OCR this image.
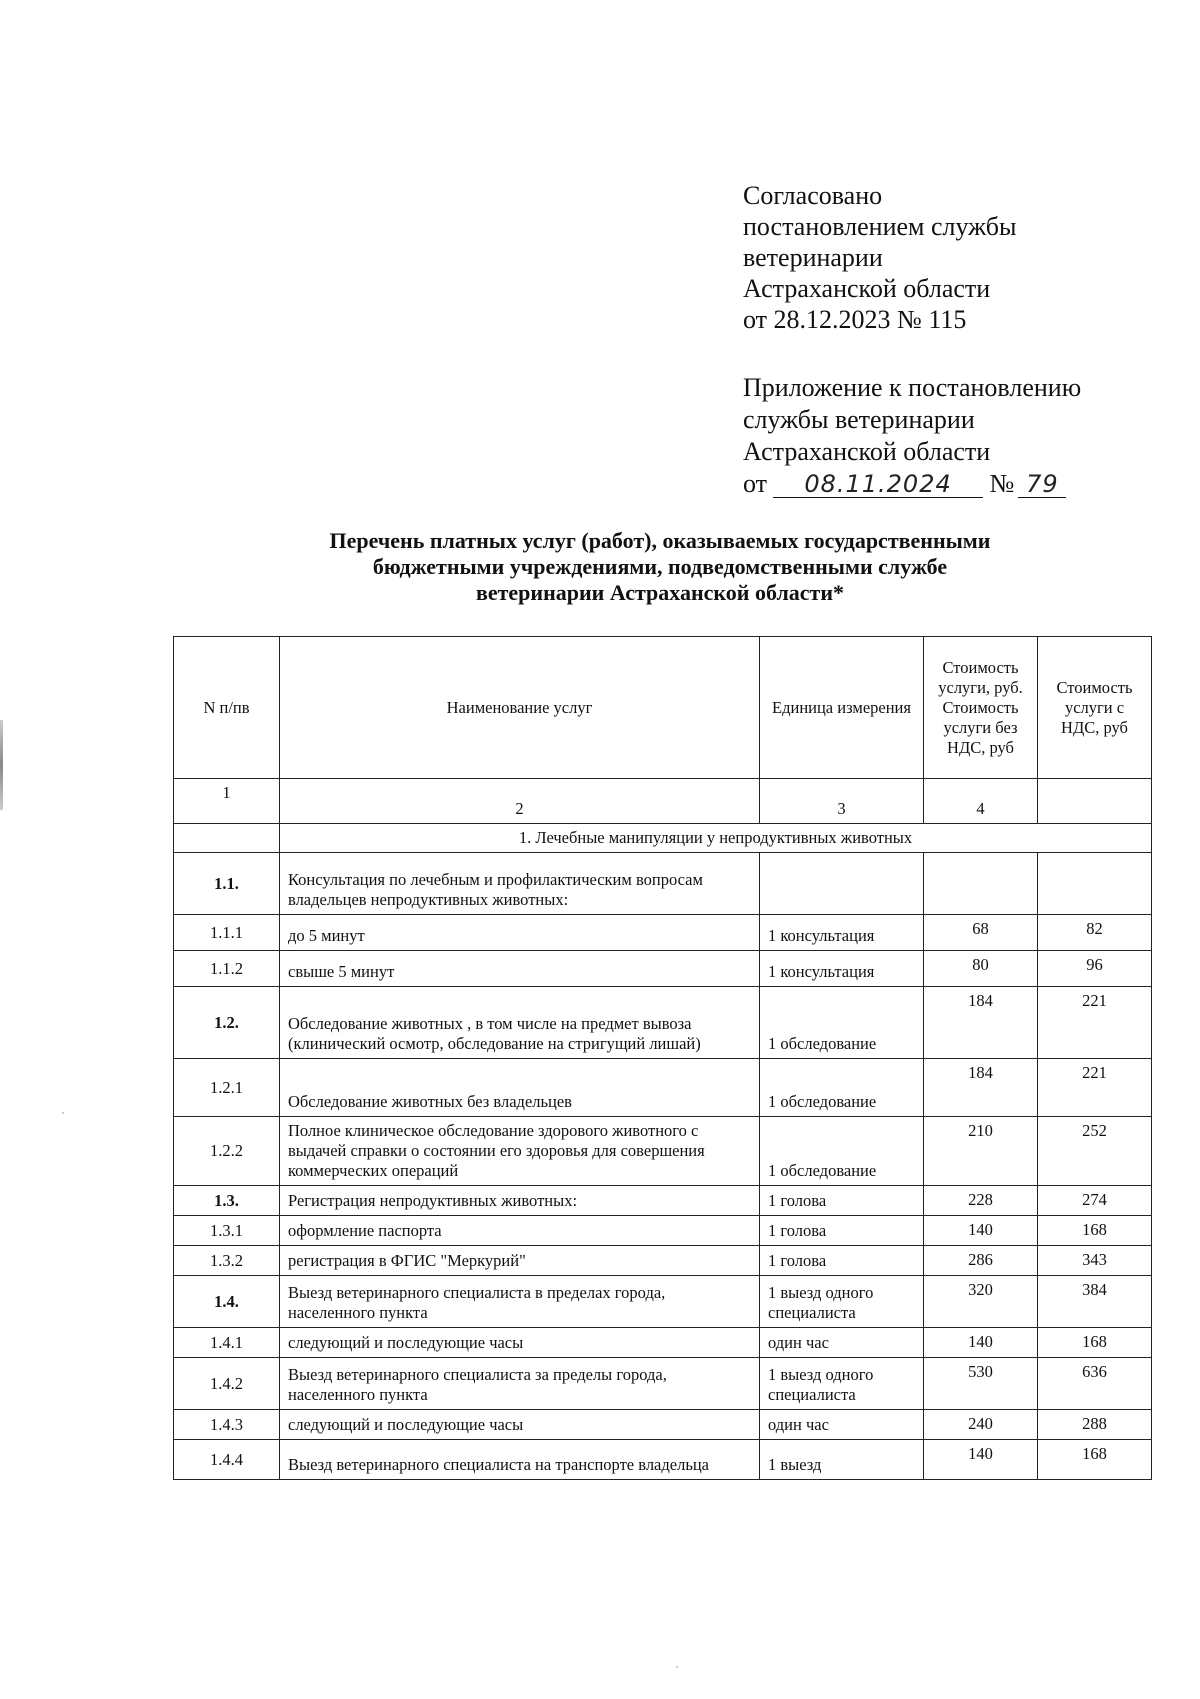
Согласовано
постановлением службы
ветеринарии
Астраханской области
от 28.12.2023 № 115
Приложение к постановлению
службы ветеринарии
Астраханской области
от 08.11.2024 № 79
Перечень платных услуг (работ), оказываемых государственными
бюджетными учреждениями, подведомственными службе
ветеринарии Астраханской области*
N п/пв	Наименование услуг	Единица измерения	Стоимость услуги, руб. Стоимость услуги без НДС, руб	Стоимость услуги с НДС, руб
1	2	3	4	
	1. Лечебные манипуляции у непродуктивных животных			
1.1.	Консультация по лечебным и профилактическим вопросам владельцев непродуктивных животных:			
1.1.1	до 5 минут	1 консультация	68	82
1.1.2	свыше 5 минут	1 консультация	80	96
1.2.	Обследование животных , в том числе на предмет вывоза (клинический осмотр, обследование на стригущий лишай)	1 обследование	184	221
1.2.1	Обследование животных без владельцев	1 обследование	184	221
1.2.2	Полное клиническое обследование здорового животного с выдачей справки о состоянии его здоровья для совершения коммерческих операций	1 обследование	210	252
1.3.	Регистрация непродуктивных животных:	1 голова	228	274
1.3.1	оформление паспорта	1 голова	140	168
1.3.2	регистрация в ФГИС "Меркурий"	1 голова	286	343
1.4.	Выезд ветеринарного специалиста в пределах города, населенного пункта	1 выезд одного специалиста	320	384
1.4.1	следующий и последующие часы	один час	140	168
1.4.2	Выезд ветеринарного специалиста за пределы города, населенного пункта	1 выезд одного специалиста	530	636
1.4.3	следующий и последующие часы	один час	240	288
1.4.4	Выезд ветеринарного специалиста на транспорте владельца	1 выезд	140	168
